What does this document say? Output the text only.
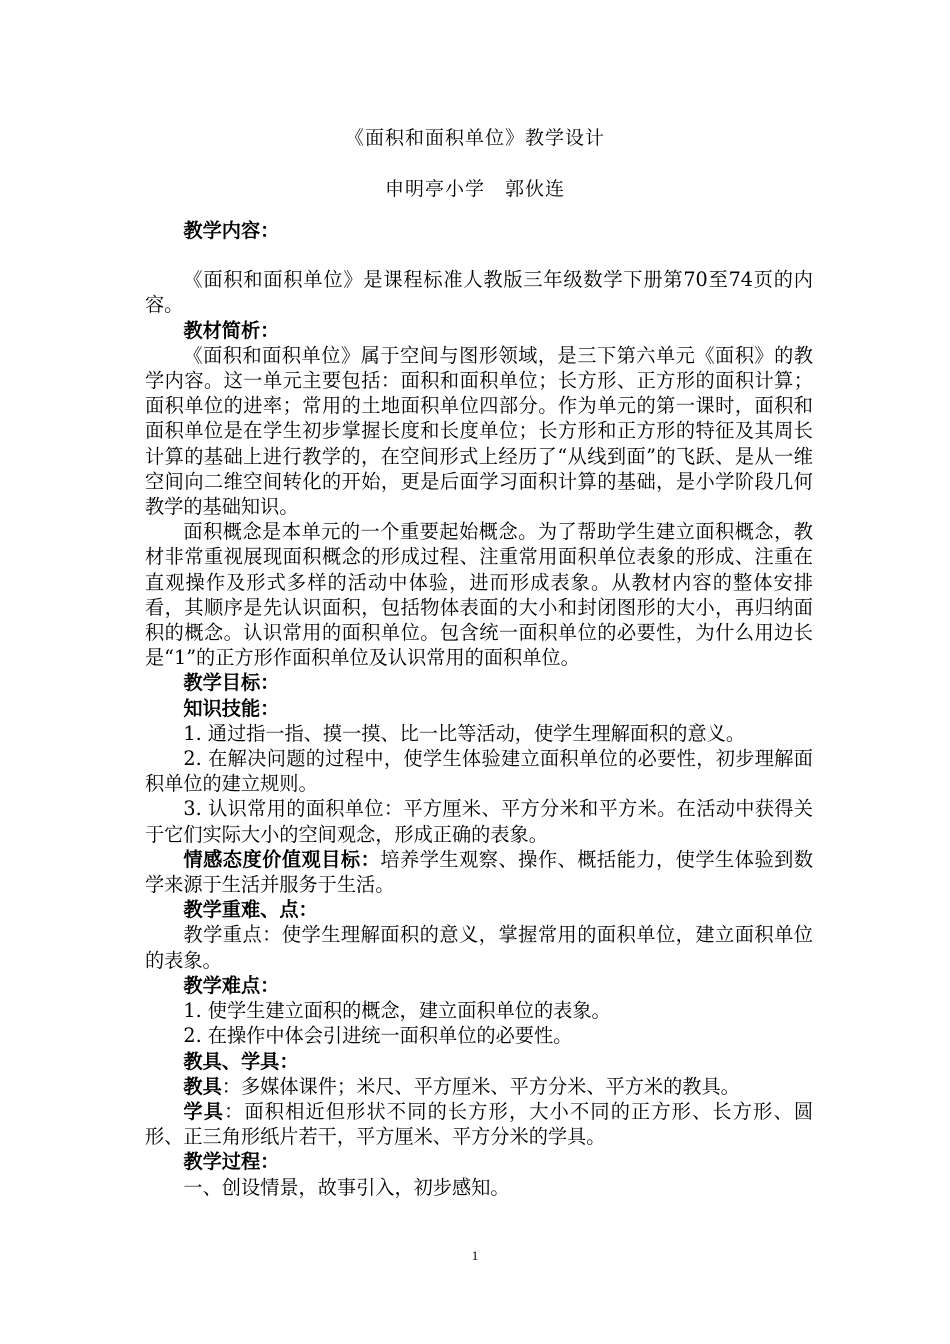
《面积和面积单位》教学设计
申明亭小学　郭伙连

教学内容：

《面积和面积单位》是课程标准人教版三年级数学下册第70至74页的内容。

教材简析：

《面积和面积单位》属于空间与图形领域，是三下第六单元《面积》的教学内容。这一单元主要包括：面积和面积单位；长方形、正方形的面积计算；面积单位的进率；常用的土地面积单位四部分。作为单元的第一课时，面积和面积单位是在学生初步掌握长度和长度单位；长方形和正方形的特征及其周长计算的基础上进行教学的，在空间形式上经历了“从线到面”的飞跃、是从一维空间向二维空间转化的开始，更是后面学习面积计算的基础，是小学阶段几何教学的基础知识。

面积概念是本单元的一个重要起始概念。为了帮助学生建立面积概念，教材非常重视展现面积概念的形成过程、注重常用面积单位表象的形成、注重在直观操作及形式多样的活动中体验，进而形成表象。从教材内容的整体安排看，其顺序是先认识面积，包括物体表面的大小和封闭图形的大小，再归纳面积的概念。认识常用的面积单位。包含统一面积单位的必要性，为什么用边长是“1”的正方形作面积单位及认识常用的面积单位。

教学目标：

知识技能：

1. 通过指一指、摸一摸、比一比等活动，使学生理解面积的意义。

2. 在解决问题的过程中，使学生体验建立面积单位的必要性，初步理解面积单位的建立规则。

3. 认识常用的面积单位：平方厘米、平方分米和平方米。在活动中获得关于它们实际大小的空间观念，形成正确的表象。

情感态度价值观目标：培养学生观察、操作、概括能力，使学生体验到数学来源于生活并服务于生活。

教学重难、点：

教学重点：使学生理解面积的意义，掌握常用的面积单位，建立面积单位的表象。

教学难点：

1. 使学生建立面积的概念，建立面积单位的表象。

2. 在操作中体会引进统一面积单位的必要性。

教具、学具：

教具：多媒体课件；米尺、平方厘米、平方分米、平方米的教具。

学具：面积相近但形状不同的长方形，大小不同的正方形、长方形、圆形、正三角形纸片若干，平方厘米、平方分米的学具。

教学过程：

一、创设情景，故事引入，初步感知。

1
